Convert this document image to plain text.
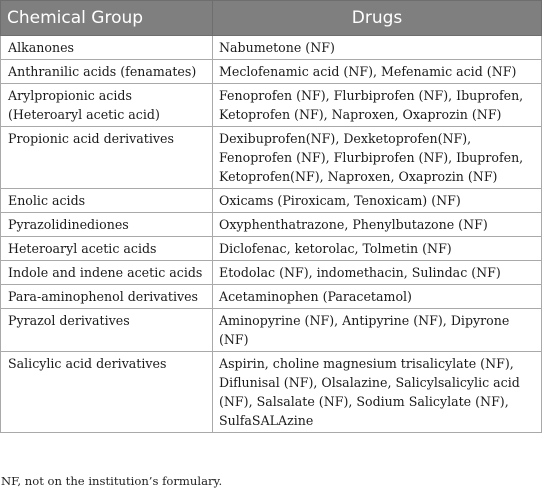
Chemical Group	Drugs

Alkanones	Nabumetone (NF)

Anthranilic acids (fenamates)	Meclofenamic acid (NF), Mefenamic acid (NF)

Arylpropionic acids
(Heteroaryl acetic acid)	Fenoprofen (NF), Flurbiprofen (NF), Ibuprofen,
Ketoprofen (NF), Naproxen, Oxaprozin (NF)

Propionic acid derivatives	Dexibuprofen(NF), Dexketoprofen(NF),
Fenoprofen (NF), Flurbiprofen (NF), Ibuprofen,
Ketoprofen(NF), Naproxen, Oxaprozin (NF)

Enolic acids	Oxicams (Piroxicam, Tenoxicam) (NF)

Pyrazolidinediones	Oxyphenthatrazone, Phenylbutazone (NF)

Heteroaryl acetic acids	Diclofenac, ketorolac, Tolmetin (NF)

Indole and indene acetic acids	Etodolac (NF), indomethacin, Sulindac (NF)

Para-aminophenol derivatives	Acetaminophen (Paracetamol)

Pyrazol derivatives	Aminopyrine (NF), Antipyrine (NF), Dipyrone
(NF)

Salicylic acid derivatives	Aspirin, choline magnesium trisalicylate (NF),
Diflunisal (NF), Olsalazine, Salicylsalicylic acid
(NF), Salsalate (NF), Sodium Salicylate (NF),
SulfaSALAzine
NF, not on the institution’s formulary.
